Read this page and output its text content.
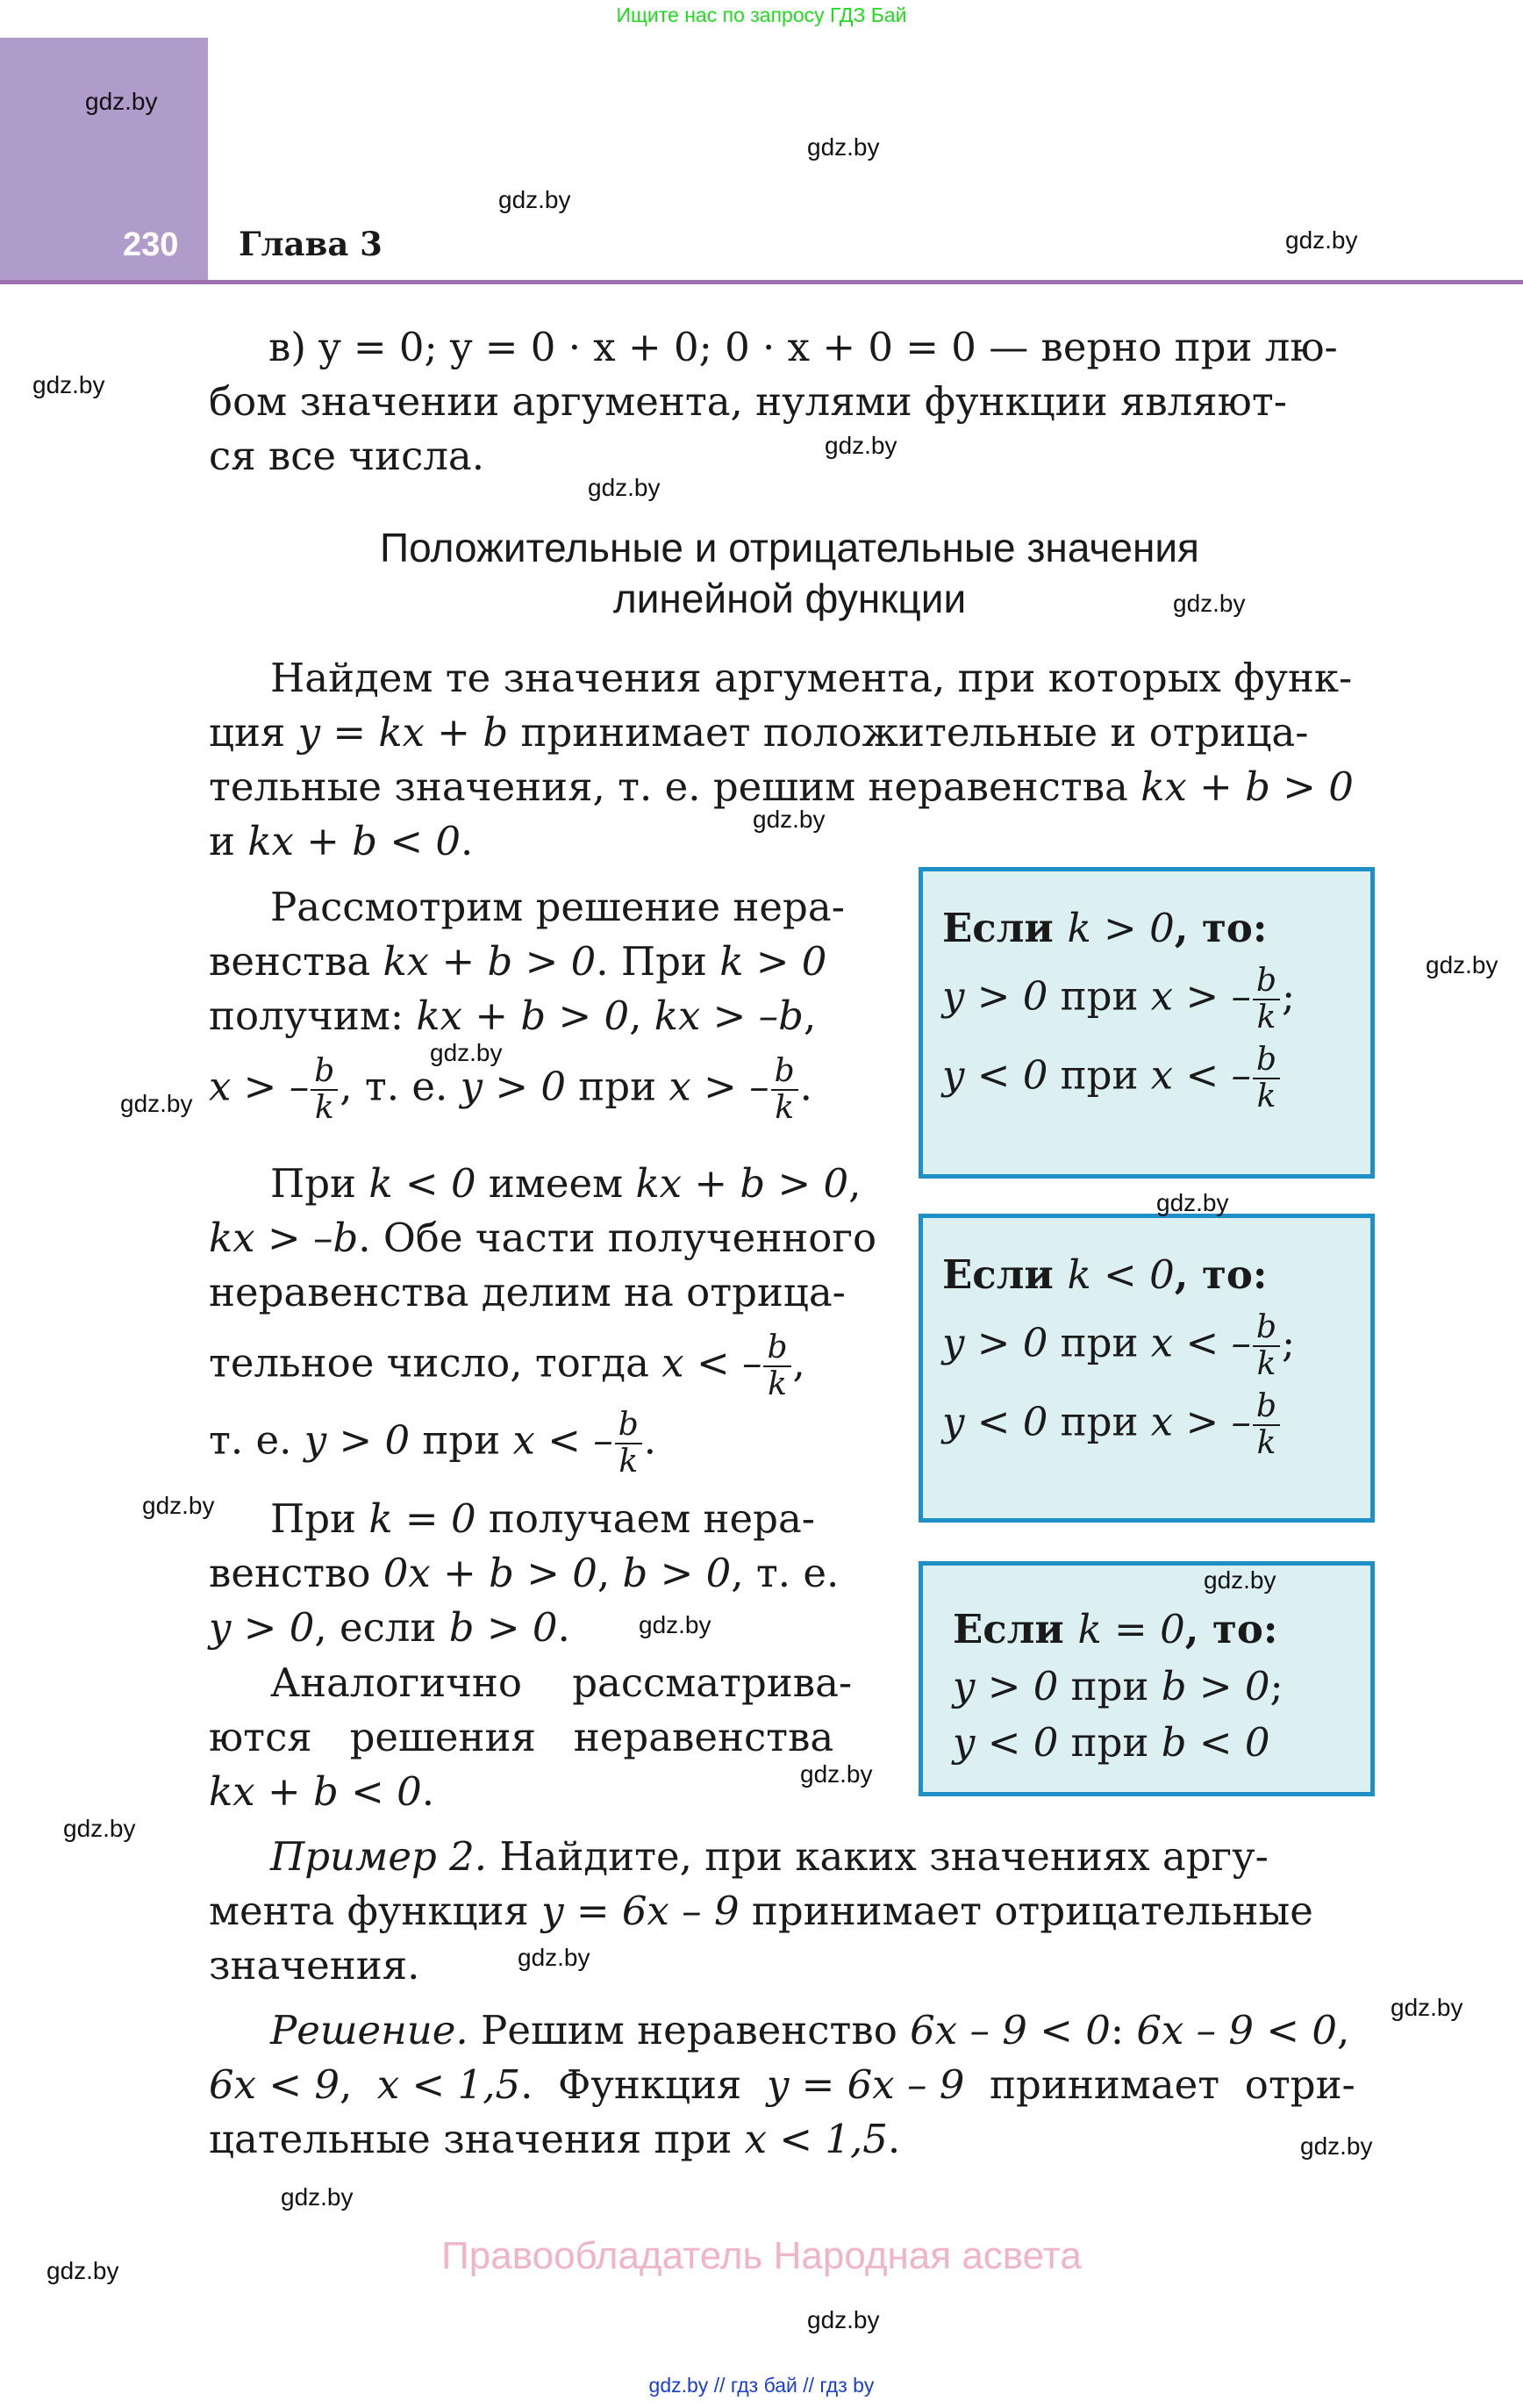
Ищите нас по запросу ГДЗ Бай
230 Глава 3
в) y = 0; y = 0 · x + 0; 0 · x + 0 = 0 — верно при лю-
бом значении аргумента, нулями функции являют-
ся все числа.
Положительные и отрицательные значения
линейной функции
Найдем те значения аргумента, при которых функ-
ция y = kx + b принимает положительные и отрица-
тельные значения, т. е. решим неравенства kx + b > 0
и kx + b < 0.
Рассмотрим решение нера-
венства kx + b > 0. При k > 0
получим: kx + b > 0, kx > –b,
x > – $\frac{b}{k}$ , т. е. y > 0 при x > – $\frac{b}{k}$ .
При k < 0 имеем kx + b > 0,
kx > –b. Обе части полученного
неравенства делим на отрица-
тельное число, тогда x < – $\frac{b}{k}$ ,
т. е. y > 0 при x < – $\frac{b}{k}$ .
При k = 0 получаем нера-
венство 0x + b > 0, b > 0, т. е.
y > 0, если b > 0.
Аналогично    рассматрива-
ются   решения   неравенства
kx + b < 0.
Если k > 0, то:
y > 0 при x > – $\frac{b}{k}$ ;
y < 0 при x < – $\frac{b}{k}$
Если k < 0, то:
y > 0 при x < – $\frac{b}{k}$ ;
y < 0 при x > – $\frac{b}{k}$
Если k = 0, то:
y > 0 при b > 0;
y < 0 при b < 0
Пример 2. Найдите, при каких значениях аргу-
мента функция y = 6x – 9 принимает отрицательные
значения.
Решение. Решим неравенство 6x – 9 < 0: 6x – 9 < 0,
6x < 9,  x < 1,5.  Функция  y = 6x – 9  принимает  отри-
цательные значения при x < 1,5.
gdz.by
gdz.by
gdz.by
gdz.by
gdz.by
gdz.by
gdz.by
gdz.by
gdz.by
gdz.by
gdz.by
gdz.by
gdz.by
gdz.by
gdz.by
gdz.by
gdz.by
gdz.by
gdz.by
gdz.by
gdz.by
gdz.by
gdz.by
gdz.by
Правообладатель Народная асвета
gdz.by // гдз бай // гдз by
